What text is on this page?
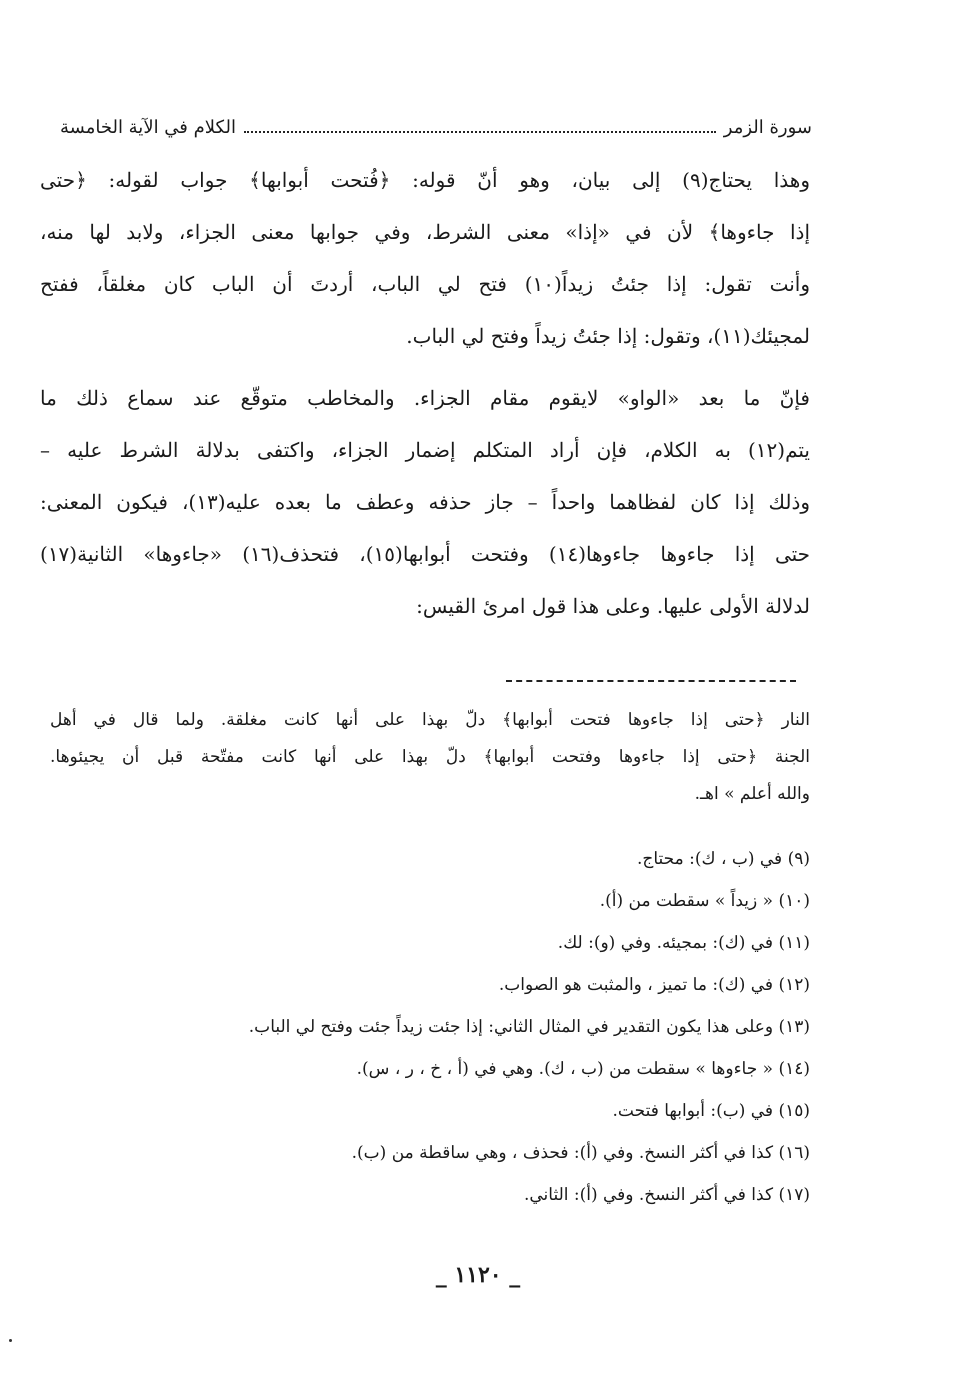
سورة الزمر
الكلام في الآية الخامسة
وهذا يحتاج(٩) إلى بيان، وهو أنّ قوله: ﴿فُتحت أبوابها﴾ جواب لقوله: ﴿حتى
إذا جاءوها﴾ لأن في «إذا» معنى الشرط، وفي جوابها معنى الجزاء، ولابد لها منه،
وأنت تقول: إذا جئتُ زيداً(١٠) فتح لي الباب، أردتَ أن الباب كان مغلقاً، ففتح
لمجيئك(١١)، وتقول: إذا جئتُ زيداً وفتح لي الباب.
فإنّ ما بعد «الواو» لايقوم مقام الجزاء. والمخاطب متوقّع عند سماع ذلك ما
يتم(١٢) به الكلام، فإن أراد المتكلم إضمار الجزاء، واكتفى بدلالة الشرط عليه –
وذلك إذا كان لفظاهما واحداً – جاز حذفه وعطف ما بعده عليه(١٣)، فيكون المعنى:
حتى إذا جاءوها جاءوها(١٤) وفتحت أبوابها(١٥)، فتحذف(١٦) «جاءوها» الثانية(١٧)
لدلالة الأولى عليها. وعلى هذا قول امرئ القيس:
النار ﴿حتى إذا جاءوها فتحت أبوابها﴾ دلّ بهذا على أنها كانت مغلقة. ولما قال في أهل
الجنة ﴿حتى إذا جاءوها وفتحت أبوابها﴾ دلّ بهذا على أنها كانت مفتّحة قبل أن يجيئوها.
والله أعلم » اهـ.
(٩) في (ب ، ك): محتاج.
(١٠) « زيداً » سقطت من (أ).
(١١) في (ك): بمجيئه. وفي (و): لك.
(١٢) في (ك): ما تميز ، والمثبت هو الصواب.
(١٣) وعلى هذا يكون التقدير في المثال الثاني: إذا جئت زيداً جئت وفتح لي الباب.
(١٤) « جاءوها » سقطت من (ب ، ك). وهي في (أ ، خ ، ر ، س).
(١٥) في (ب): أبوابها فتحت.
(١٦) كذا في أكثر النسخ. وفي (أ): فحذف ، وهي ساقطة من (ب).
(١٧) كذا في أكثر النسخ. وفي (أ): الثاني.
_ ١١٢٠ _
